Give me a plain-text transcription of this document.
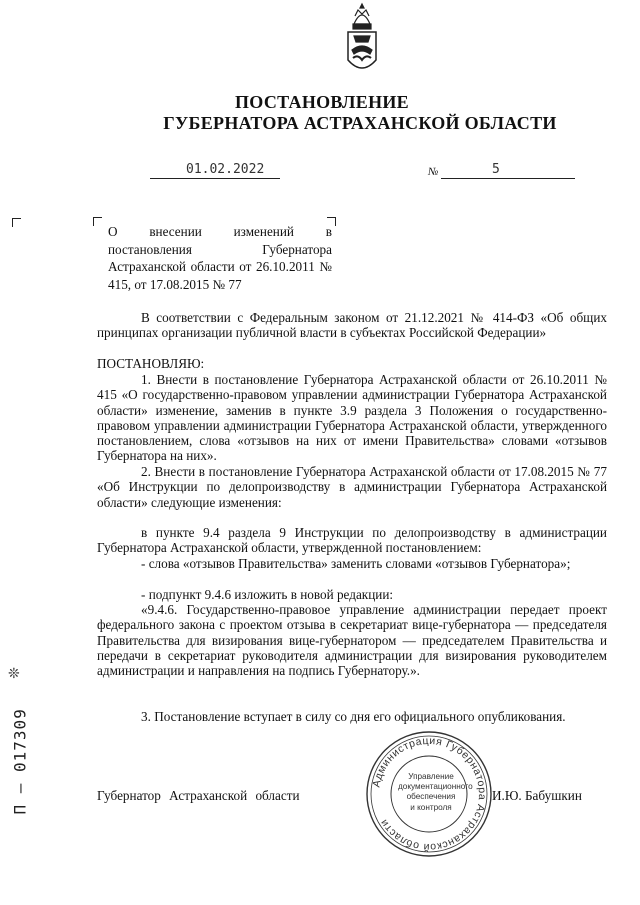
ПОСТАНОВЛЕНИЕ
ГУБЕРНАТОРА АСТРАХАНСКОЙ ОБЛАСТИ
01.02.2022	№	5
О внесении изменений в постановления Губернатора Астраханской области от 26.10.2011 № 415, от 17.08.2015 № 77
В соответствии с Федеральным законом от 21.12.2021 № 414-ФЗ «Об общих принципах организации публичной власти в субъектах Российской Федерации»
ПОСТАНОВЛЯЮ:
1. Внести в постановление Губернатора Астраханской области от 26.10.2011 № 415 «О государственно-правовом управлении администрации Губернатора Астраханской области» изменение, заменив в пункте 3.9 раздела 3 Положения о государственно-правовом управлении администрации Губернатора Астраханской области, утвержденного постановлением, слова «отзывов на них от имени Правительства» словами «отзывов Губернатора на них».
2. Внести в постановление Губернатора Астраханской области от 17.08.2015 № 77 «Об Инструкции по делопроизводству в администрации Губернатора Астраханской области» следующие изменения:
в пункте 9.4 раздела 9 Инструкции по делопроизводству в администрации Губернатора Астраханской области, утвержденной постановлением:
- слова «отзывов Правительства» заменить словами «отзывов Губернатора»;
- подпункт 9.4.6 изложить в новой редакции:
«9.4.6. Государственно-правовое управление администрации передает проект федерального закона с проектом отзыва в секретариат вице-губернатора — председателя Правительства для визирования вице-губернатором — председателем Правительства и передачи в секретариат руководителя администрации для визирования руководителем администрации и направления на подпись Губернатору.».
3. Постановление вступает в силу со дня его официального опубликования.
Губернатор Астраханской области	И.Ю. Бабушкин
Администрация Губернатора Астраханской области
Управление
документационного
обеспечения
и контроля
❊
П — 017309
